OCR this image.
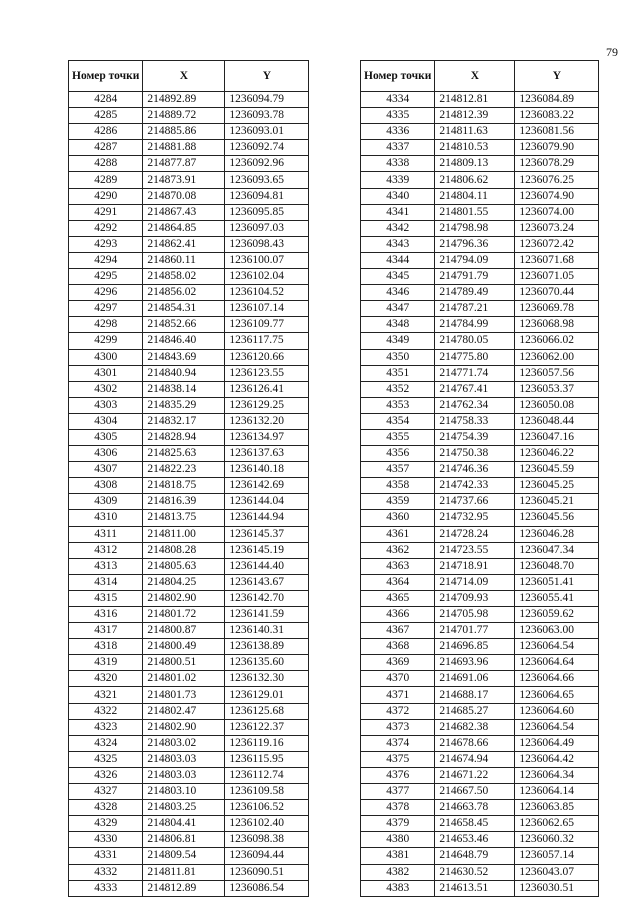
79
Номер точки	X	Y
4284	214892.89	1236094.79
4285	214889.72	1236093.78
4286	214885.86	1236093.01
4287	214881.88	1236092.74
4288	214877.87	1236092.96
4289	214873.91	1236093.65
4290	214870.08	1236094.81
4291	214867.43	1236095.85
4292	214864.85	1236097.03
4293	214862.41	1236098.43
4294	214860.11	1236100.07
4295	214858.02	1236102.04
4296	214856.02	1236104.52
4297	214854.31	1236107.14
4298	214852.66	1236109.77
4299	214846.40	1236117.75
4300	214843.69	1236120.66
4301	214840.94	1236123.55
4302	214838.14	1236126.41
4303	214835.29	1236129.25
4304	214832.17	1236132.20
4305	214828.94	1236134.97
4306	214825.63	1236137.63
4307	214822.23	1236140.18
4308	214818.75	1236142.69
4309	214816.39	1236144.04
4310	214813.75	1236144.94
4311	214811.00	1236145.37
4312	214808.28	1236145.19
4313	214805.63	1236144.40
4314	214804.25	1236143.67
4315	214802.90	1236142.70
4316	214801.72	1236141.59
4317	214800.87	1236140.31
4318	214800.49	1236138.89
4319	214800.51	1236135.60
4320	214801.02	1236132.30
4321	214801.73	1236129.01
4322	214802.47	1236125.68
4323	214802.90	1236122.37
4324	214803.02	1236119.16
4325	214803.03	1236115.95
4326	214803.03	1236112.74
4327	214803.10	1236109.58
4328	214803.25	1236106.52
4329	214804.41	1236102.40
4330	214806.81	1236098.38
4331	214809.54	1236094.44
4332	214811.81	1236090.51
4333	214812.89	1236086.54
Номер точки	X	Y
4334	214812.81	1236084.89
4335	214812.39	1236083.22
4336	214811.63	1236081.56
4337	214810.53	1236079.90
4338	214809.13	1236078.29
4339	214806.62	1236076.25
4340	214804.11	1236074.90
4341	214801.55	1236074.00
4342	214798.98	1236073.24
4343	214796.36	1236072.42
4344	214794.09	1236071.68
4345	214791.79	1236071.05
4346	214789.49	1236070.44
4347	214787.21	1236069.78
4348	214784.99	1236068.98
4349	214780.05	1236066.02
4350	214775.80	1236062.00
4351	214771.74	1236057.56
4352	214767.41	1236053.37
4353	214762.34	1236050.08
4354	214758.33	1236048.44
4355	214754.39	1236047.16
4356	214750.38	1236046.22
4357	214746.36	1236045.59
4358	214742.33	1236045.25
4359	214737.66	1236045.21
4360	214732.95	1236045.56
4361	214728.24	1236046.28
4362	214723.55	1236047.34
4363	214718.91	1236048.70
4364	214714.09	1236051.41
4365	214709.93	1236055.41
4366	214705.98	1236059.62
4367	214701.77	1236063.00
4368	214696.85	1236064.54
4369	214693.96	1236064.64
4370	214691.06	1236064.66
4371	214688.17	1236064.65
4372	214685.27	1236064.60
4373	214682.38	1236064.54
4374	214678.66	1236064.49
4375	214674.94	1236064.42
4376	214671.22	1236064.34
4377	214667.50	1236064.14
4378	214663.78	1236063.85
4379	214658.45	1236062.65
4380	214653.46	1236060.32
4381	214648.79	1236057.14
4382	214630.52	1236043.07
4383	214613.51	1236030.51
